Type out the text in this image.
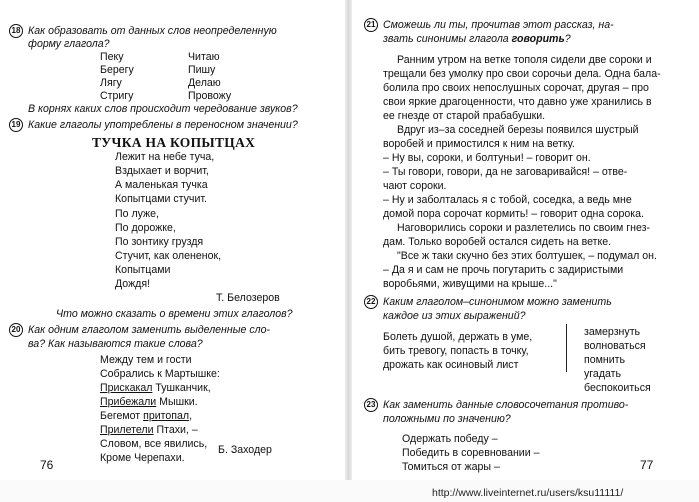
18 Как образовать от данных слов неопределенную
форму глагола?
Пеку
Берегу
Лягу
Стригу
Читаю
Пишу
Делаю
Провожу
В корнях каких слов происходит чередование звуков?
19 Какие глаголы употреблены в переносном значении?
ТУЧКА НА КОПЫТЦАХ
Лежит на небе туча,
Вздыхает и ворчит,
А маленькая тучка
Копытцами стучит.
По луже,
По дорожке,
По зонтику груздя
Стучит, как олененок,
Копытцами
Дождя!
Т. Белозеров
Что можно сказать о времени этих глаголов?
20 Как одним глаголом заменить выделенные сло-
ва? Как называются такие слова?
Между тем и гости
Собрались к Мартышке:
Прискакал Тушканчик,
Прибежали Мышки.
Бегемот притопал,
Прилетели Птахи, –
Словом, все явились,
Кроме Черепахи.
Б. Заходер
76
21 Сможешь ли ты, прочитав этот рассказ, на-
звать синонимы глагола говорить?
Ранним утром на ветке тополя сидели две сороки и
трещали без умолку про свои сорочьи дела. Одна бала-
болила про своих непослушных сорочат, другая – про
свои яркие драгоценности, что давно уже хранились в
ее гнезде от старой прабабушки.
Вдруг из–за соседней березы появился шустрый
воробей и примостился к ним на ветку.
– Ну вы, сороки, и болтуньи! – говорит он.
– Ты говори, говори, да не заговаривайся! – отве-
чают сороки.
– Ну и заболталась я с тобой, соседка, а ведь мне
домой пора сорочат кормить! – говорит одна сорока.
Наговорились сороки и разлетелись по своим гнез-
дам. Только воробей остался сидеть на ветке.
"Все ж таки скучно без этих болтушек, – подумал он.
– Да я и сам не прочь погутарить с задиристыми
воробьями, живущими на крыше..."
22 Каким глаголом–синонимом можно заменить
каждое из этих выражений?
Болеть душой, держать в уме,
бить тревогу, попасть в точку,
дрожать как осиновый лист
замерзнуть
волноваться
помнить
угадать
беспокоиться
23 Как заменить данные словосочетания противо-
положными по значению?
Одержать победу –
Победить в соревновании –
Томиться от жары –	77
http://www.liveinternet.ru/users/ksu11111/
